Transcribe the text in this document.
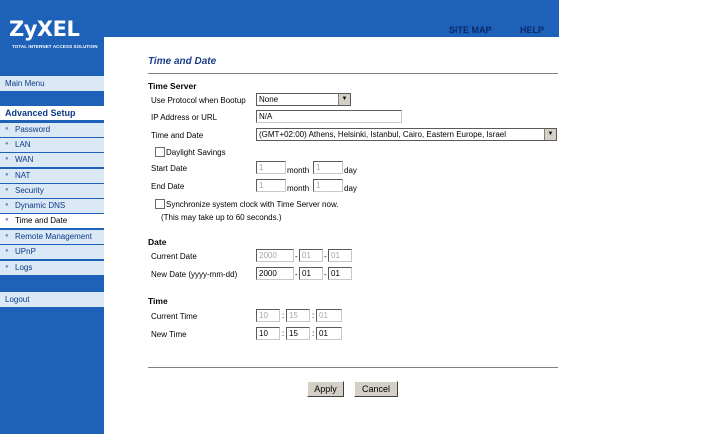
ZyXEL
TOTAL INTERNET ACCESS SOLUTION
SITE MAP	HELP
Main Menu
Advanced Setup
● Password
● LAN
● WAN
● NAT
● Security
● Dynamic DNS
● Time and Date
● Remote Management
● UPnP
● Logs
Logout
Time and Date
Time Server
Use Protocol when Bootup	None	▼
IP Address or URL	N/A
Time and Date	(GMT+02:00) Athens, Helsinki, Istanbul, Cairo, Eastern Europe, Israel	▼
Daylight Savings
Start Date	1	month 1	day
End Date	1	month 1	day
Synchronize system clock with Time Server now.
(This may take up to 60 seconds.)
Date
Current Date	2000	- 01	- 01
New Date (yyyy-mm-dd)	2000	- 01	- 01
Time
Current Time	10	: 15	: 01
New Time	10	: 15	: 01
Apply	Cancel
